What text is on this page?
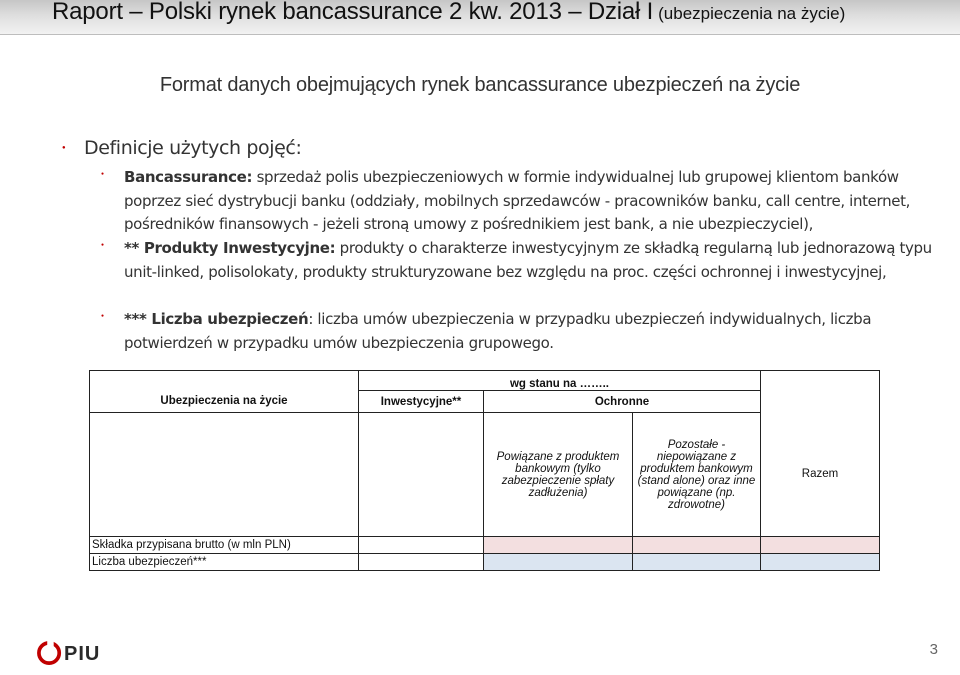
Raport – Polski rynek bancassurance 2 kw. 2013 – Dział I (ubezpieczenia na życie)
Format danych obejmujących rynek bancassurance ubezpieczeń na życie
● Definicje użytych pojęć:
● Bancassurance: sprzedaż polis ubezpieczeniowych w formie indywidualnej lub grupowej klientom banków poprzez sieć dystrybucji banku (oddziały, mobilnych sprzedawców - pracowników banku, call centre, internet, pośredników finansowych - jeżeli stroną umowy z pośrednikiem jest bank, a nie ubezpieczyciel),
● ** Produkty Inwestycyjne: produkty o charakterze inwestycyjnym ze składką regularną lub jednorazową typu unit-linked, polisolokaty, produkty strukturyzowane bez względu na proc. części ochronnej i inwestycyjnej,
● *** Liczba ubezpieczeń: liczba umów ubezpieczenia w przypadku ubezpieczeń indywidualnych, liczba potwierdzeń w przypadku umów ubezpieczenia grupowego.
	wg stanu na ……..			
Ubezpieczenia na życie	Inwestycyjne**	Ochronne		
		Powiązane z produktem bankowym (tylko zabezpieczenie spłaty zadłużenia)	Pozostałe - niepowiązane z produktem bankowym (stand alone) oraz inne powiązane (np. zdrowotne)	Razem
Składka przypisana brutto (w mln PLN)				
Liczba ubezpieczeń***				
PIU	3
